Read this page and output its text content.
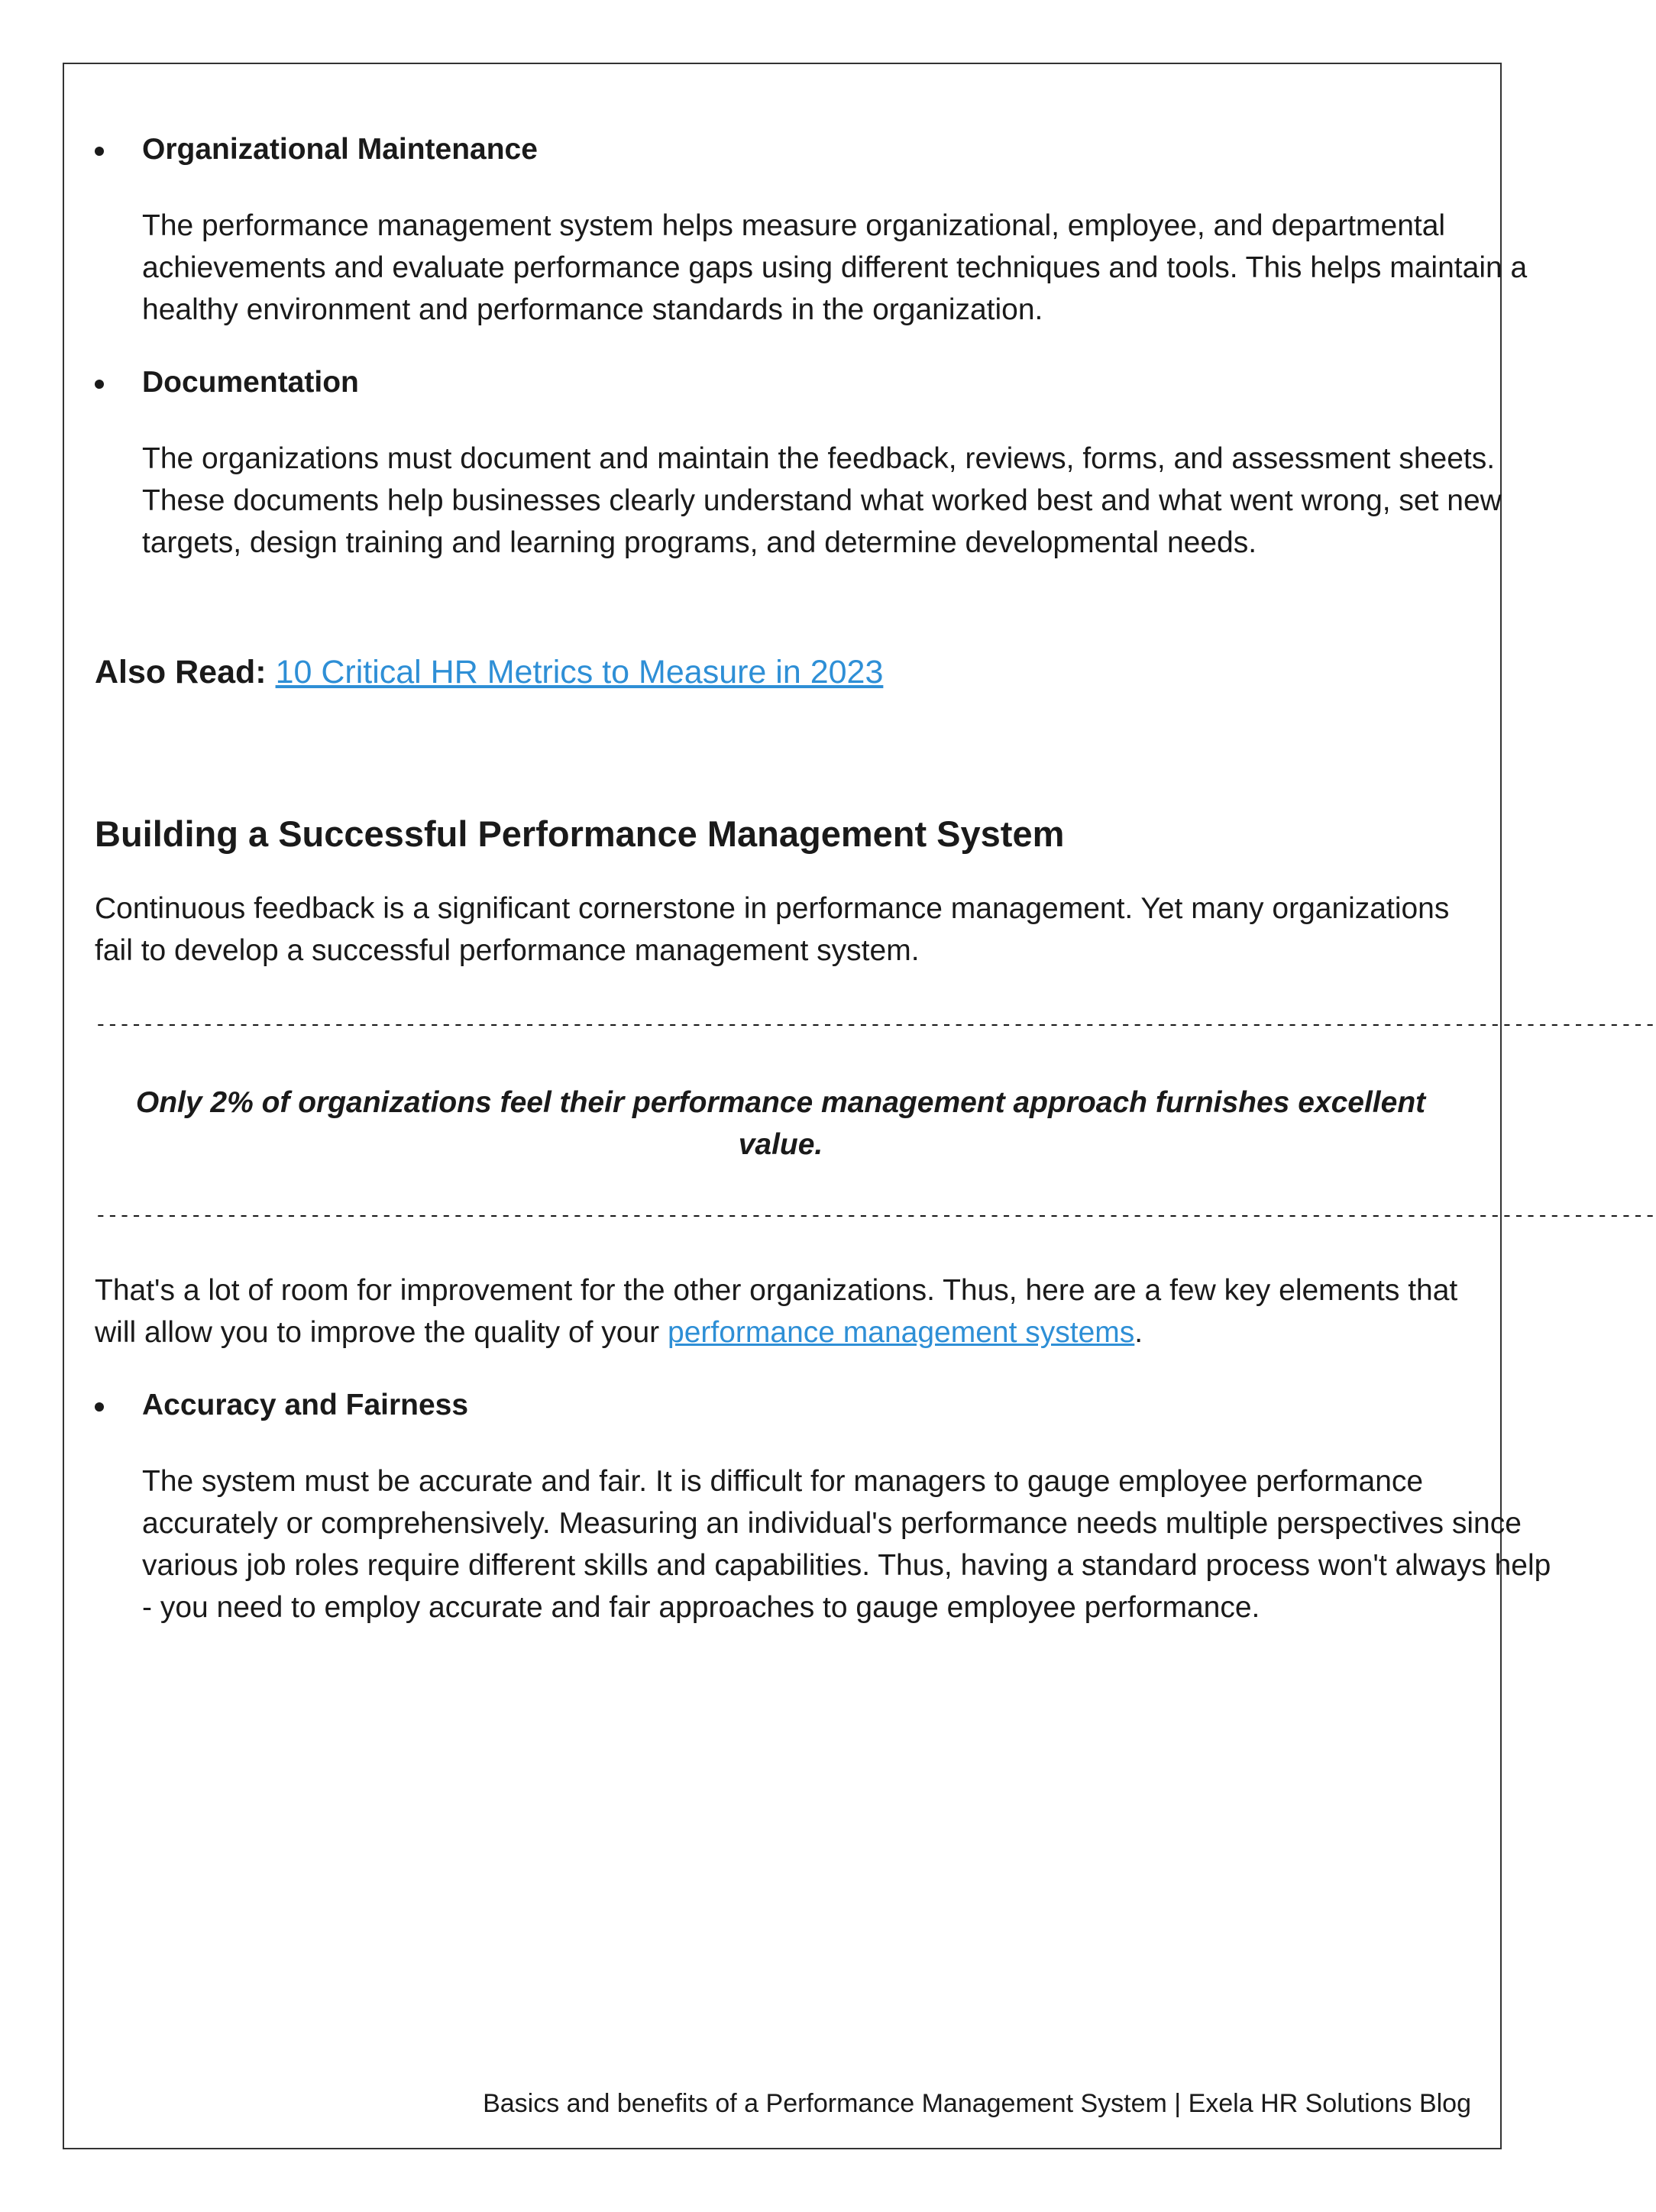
Organizational Maintenance
The performance management system helps measure organizational, employee, and departmental achievements and evaluate performance gaps using different techniques and tools. This helps maintain a healthy environment and performance standards in the organization.
Documentation
The organizations must document and maintain the feedback, reviews, forms, and assessment sheets. These documents help businesses clearly understand what worked best and what went wrong, set new targets, design training and learning programs, and determine developmental needs.
Also Read: 10 Critical HR Metrics to Measure in 2023
Building a Successful Performance Management System
Continuous feedback is a significant cornerstone in performance management. Yet many organizations fail to develop a successful performance management system.
-----------------------------------------------------------------------------------------------------------------------------------
Only 2% of organizations feel their performance management approach furnishes excellent value.
-----------------------------------------------------------------------------------------------------------------------------------
That's a lot of room for improvement for the other organizations. Thus, here are a few key elements that will allow you to improve the quality of your performance management systems.
Accuracy and Fairness
The system must be accurate and fair. It is difficult for managers to gauge employee performance accurately or comprehensively. Measuring an individual's performance needs multiple perspectives since various job roles require different skills and capabilities. Thus, having a standard process won't always help - you need to employ accurate and fair approaches to gauge employee performance.
Basics and benefits of a Performance Management System | Exela HR Solutions Blog
